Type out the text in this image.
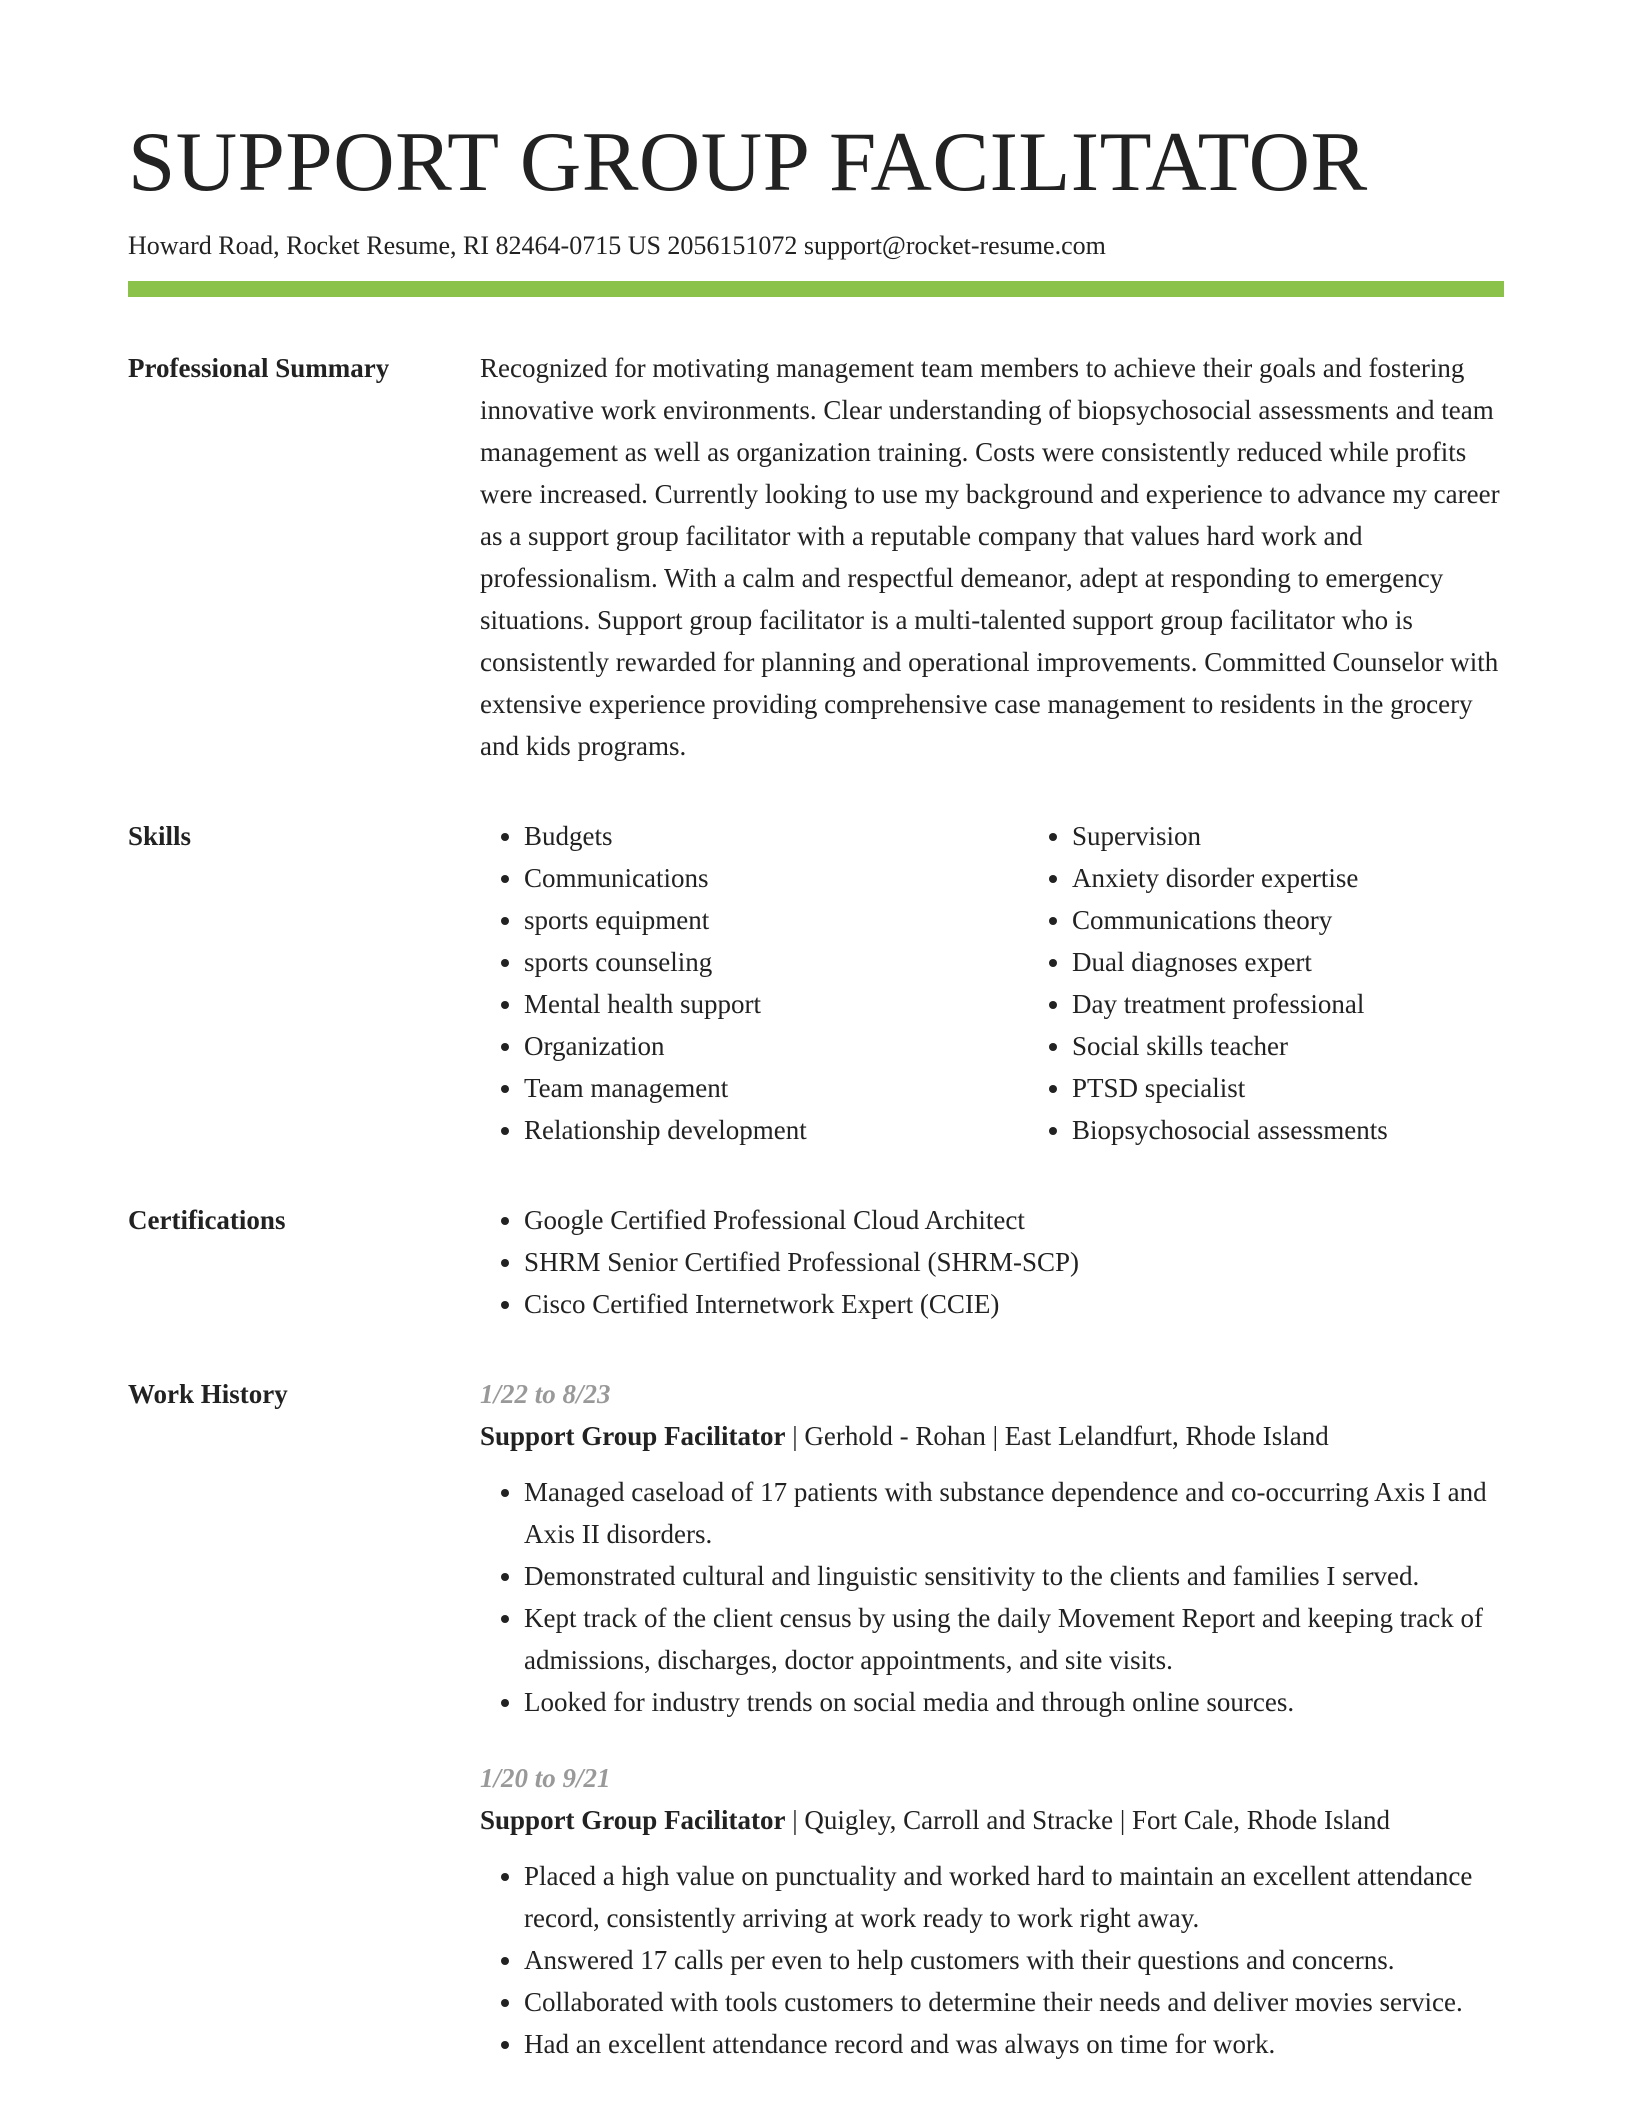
SUPPORT GROUP FACILITATOR
Howard Road, Rocket Resume, RI 82464-0715 US 2056151072 support@rocket-resume.com
Professional Summary	Recognized for motivating management team members to achieve their goals and fostering innovative work environments. Clear understanding of biopsychosocial assessments and team management as well as organization training. Costs were consistently reduced while profits were increased. Currently looking to use my background and experience to advance my career as a support group facilitator with a reputable company that values hard work and professionalism. With a calm and respectful demeanor, adept at responding to emergency situations. Support group facilitator is a multi-talented support group facilitator who is consistently rewarded for planning and operational improvements. Committed Counselor with extensive experience providing comprehensive case management to residents in the grocery and kids programs.

Skills	• Budgets
• Communications
• sports equipment
• sports counseling
• Mental health support
• Organization
• Team management
• Relationship development
• Supervision
• Anxiety disorder expertise
• Communications theory
• Dual diagnoses expert
• Day treatment professional
• Social skills teacher
• PTSD specialist
• Biopsychosocial assessments
Certifications	• Google Certified Professional Cloud Architect
• SHRM Senior Certified Professional (SHRM-SCP)
• Cisco Certified Internetwork Expert (CCIE)
Work History	1/22 to 8/23
Support Group Facilitator | Gerhold - Rohan | East Lelandfurt, Rhode Island
• Managed caseload of 17 patients with substance dependence and co-occurring Axis I and Axis II disorders.
• Demonstrated cultural and linguistic sensitivity to the clients and families I served.
• Kept track of the client census by using the daily Movement Report and keeping track of admissions, discharges, doctor appointments, and site visits.
• Looked for industry trends on social media and through online sources.
1/20 to 9/21
Support Group Facilitator | Quigley, Carroll and Stracke | Fort Cale, Rhode Island
• Placed a high value on punctuality and worked hard to maintain an excellent attendance record, consistently arriving at work ready to work right away.
• Answered 17 calls per even to help customers with their questions and concerns.
• Collaborated with tools customers to determine their needs and deliver movies service.
• Had an excellent attendance record and was always on time for work.
